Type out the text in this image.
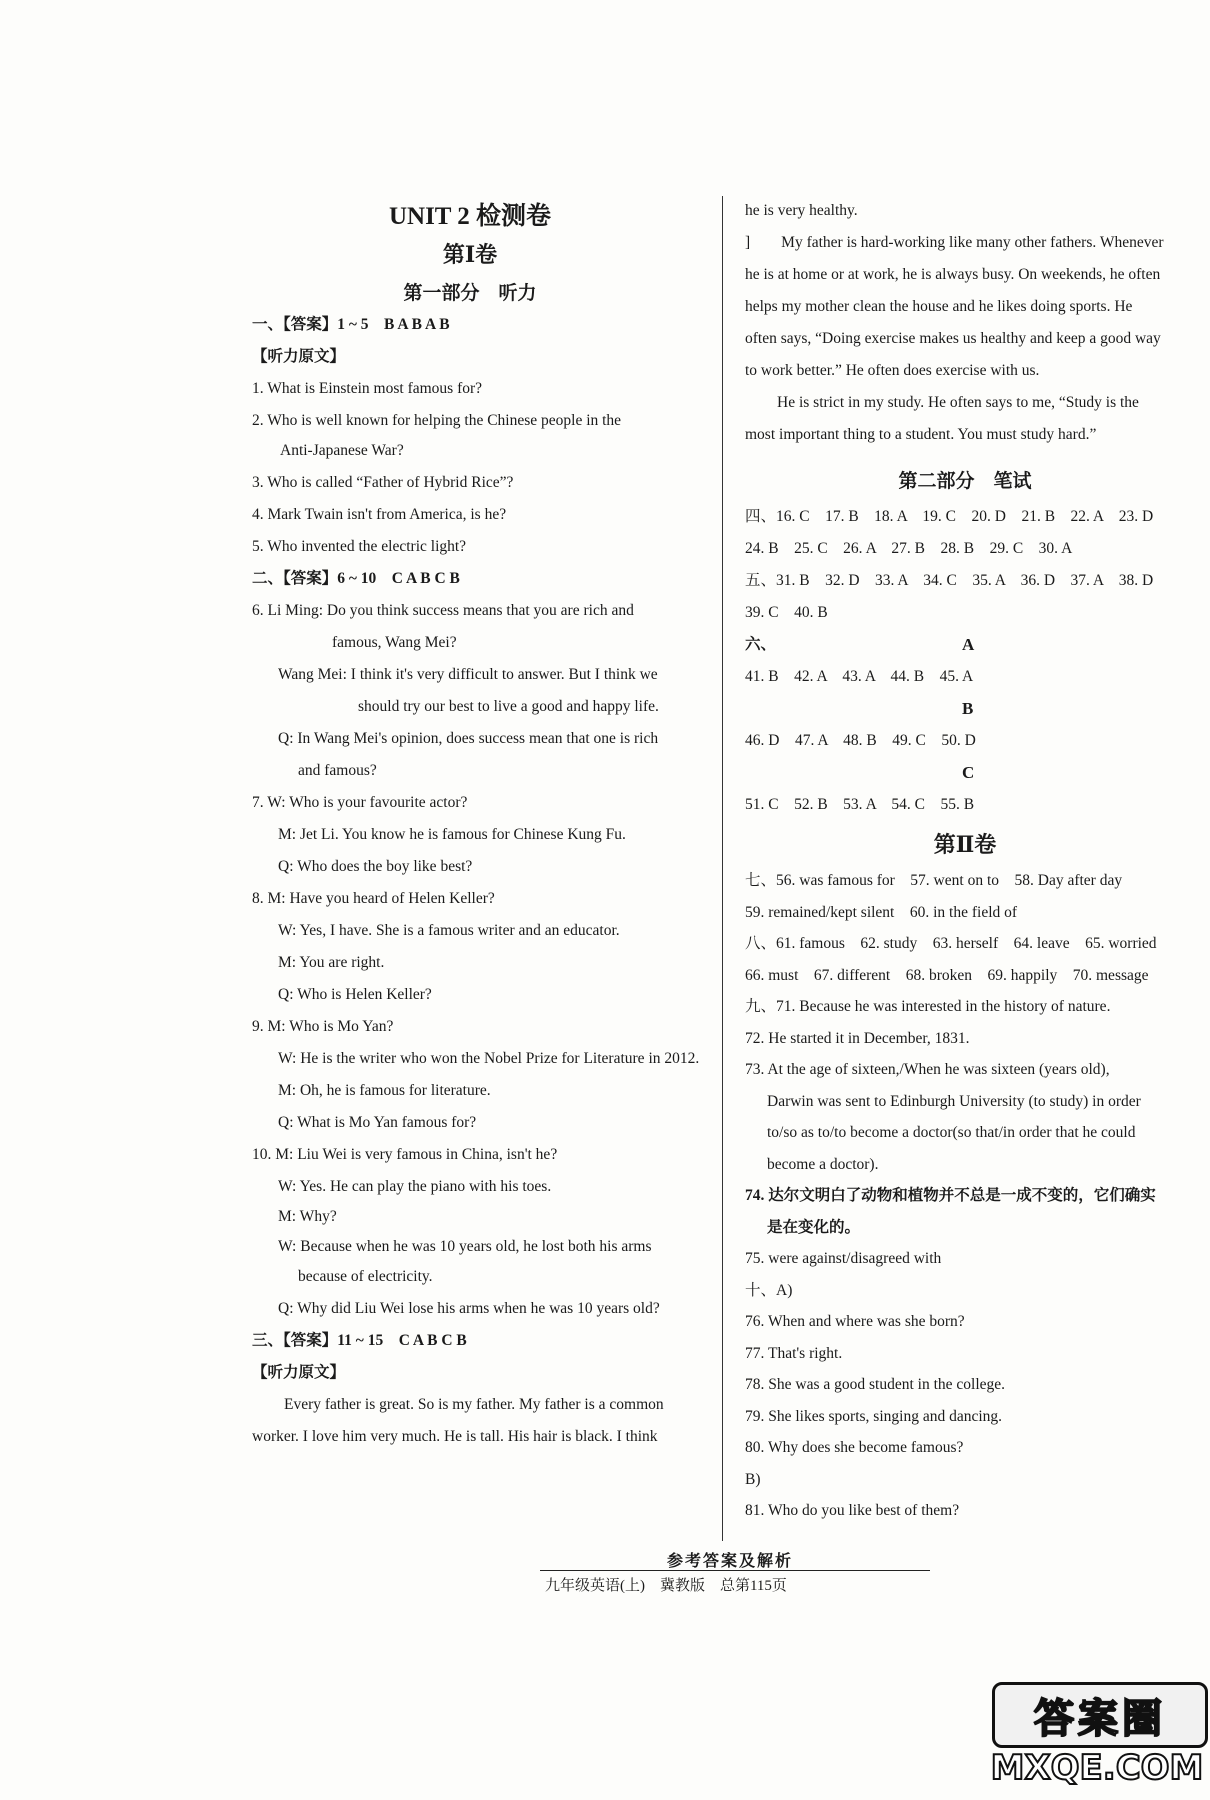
UNIT 2 检测卷
第Ⅰ卷
第一部分　听力
一、【答案】1 ~ 5　B A B A B
【听力原文】
1. What is Einstein most famous for?
2. Who is well known for helping the Chinese people in the
Anti-Japanese War?
3. Who is called “Father of Hybrid Rice”?
4. Mark Twain isn't from America, is he?
5. Who invented the electric light?
二、【答案】6 ~ 10　C A B C B
6. Li Ming: Do you think success means that you are rich and
famous, Wang Mei?
Wang Mei: I think it's very difficult to answer. But I think we
should try our best to live a good and happy life.
Q: In Wang Mei's opinion, does success mean that one is rich
and famous?
7. W: Who is your favourite actor?
M: Jet Li. You know he is famous for Chinese Kung Fu.
Q: Who does the boy like best?
8. M: Have you heard of Helen Keller?
W: Yes, I have. She is a famous writer and an educator.
M: You are right.
Q: Who is Helen Keller?
9. M: Who is Mo Yan?
W: He is the writer who won the Nobel Prize for Literature in 2012.
M: Oh, he is famous for literature.
Q: What is Mo Yan famous for?
10. M: Liu Wei is very famous in China, isn't he?
W: Yes. He can play the piano with his toes.
M: Why?
W: Because when he was 10 years old, he lost both his arms
because of electricity.
Q: Why did Liu Wei lose his arms when he was 10 years old?
三、【答案】11 ~ 15　C A B C B
【听力原文】
Every father is great. So is my father. My father is a common
worker. I love him very much. He is tall. His hair is black. I think
he is very healthy.
]　　My father is hard-working like many other fathers. Whenever
he is at home or at work, he is always busy. On weekends, he often
helps my mother clean the house and he likes doing sports. He
often says, “Doing exercise makes us healthy and keep a good way
to work better.” He often does exercise with us.
He is strict in my study. He often says to me, “Study is the
most important thing to a student. You must study hard.”
第二部分　笔试
四、16. C　17. B　18. A　19. C　20. D　21. B　22. A　23. D
24. B　25. C　26. A　27. B　28. B　29. C　30. A
五、31. B　32. D　33. A　34. C　35. A　36. D　37. A　38. D
39. C　40. B
六、	A
41. B　42. A　43. A　44. B　45. A
B
46. D　47. A　48. B　49. C　50. D
C
51. C　52. B　53. A　54. C　55. B
第Ⅱ卷
七、56. was famous for　57. went on to　58. Day after day
59. remained/kept silent　60. in the field of
八、61. famous　62. study　63. herself　64. leave　65. worried
66. must　67. different　68. broken　69. happily　70. message
九、71. Because he was interested in the history of nature.
72. He started it in December, 1831.
73. At the age of sixteen,/When he was sixteen (years old),
Darwin was sent to Edinburgh University (to study) in order
to/so as to/to become a doctor(so that/in order that he could
become a doctor).
74. 达尔文明白了动物和植物并不总是一成不变的，它们确实
是在变化的。
75. were against/disagreed with
十、A)
76. When and where was she born?
77. That's right.
78. She was a good student in the college.
79. She likes sports, singing and dancing.
80. Why does she become famous?
B)
81. Who do you like best of them?
参考答案及解析
九年级英语(上)　冀教版　总第115页
答案圈
MXQE.COM
